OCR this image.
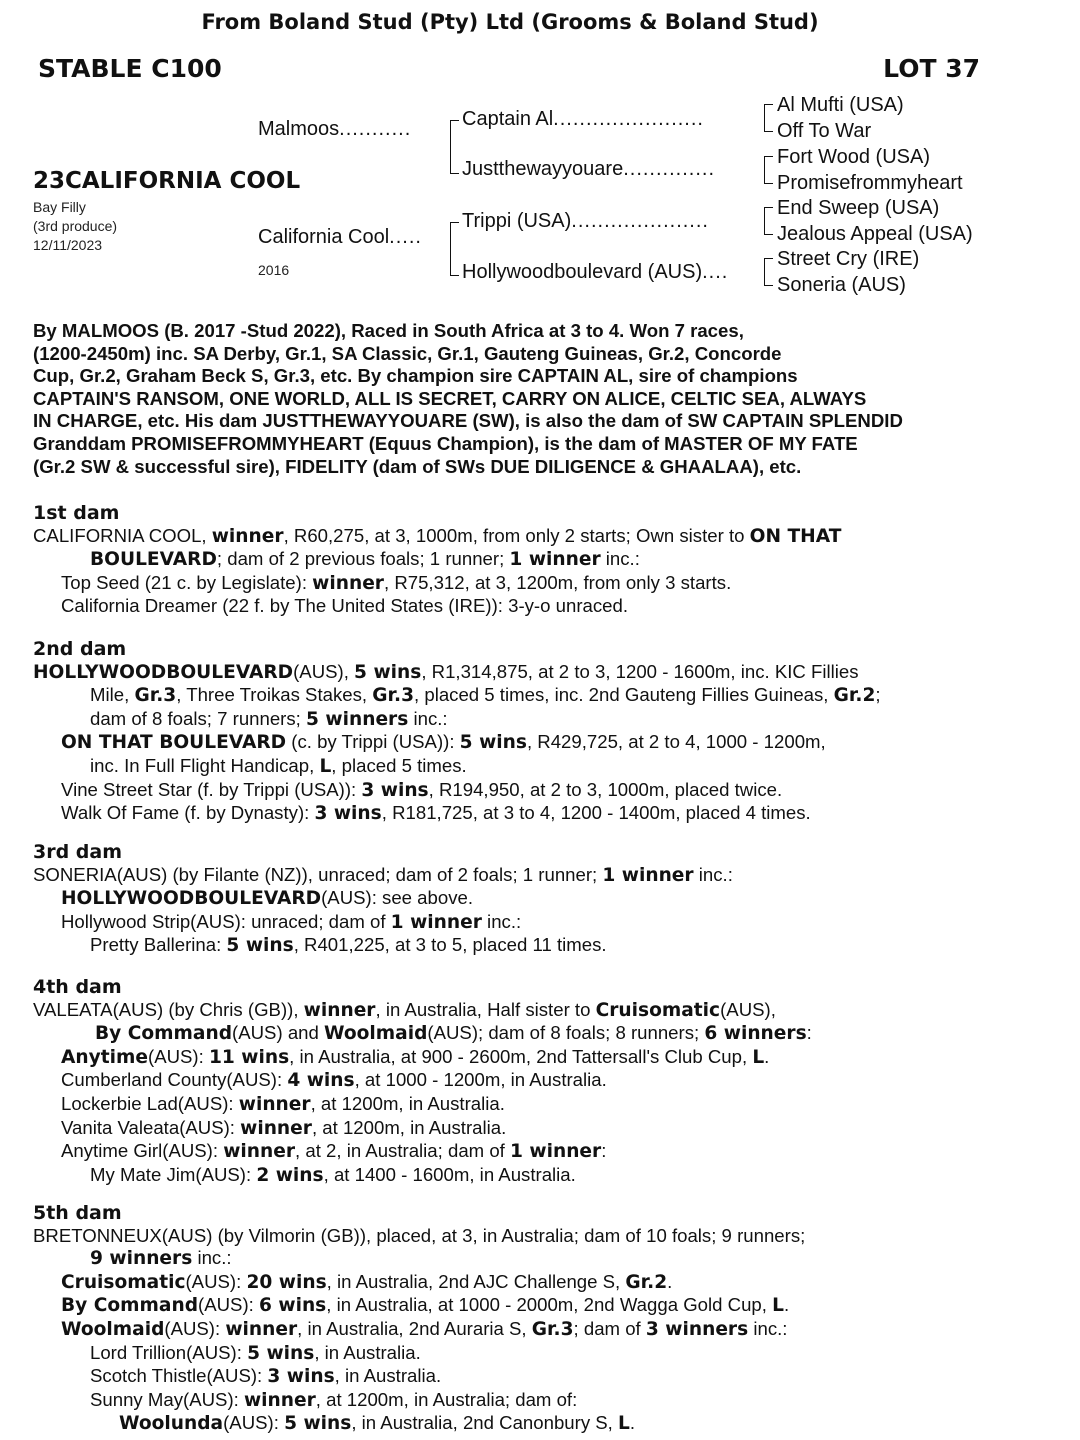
From Boland Stud (Pty) Ltd (Grooms & Boland Stud)
STABLE C100	LOT 37
23CALIFORNIA COOL
Bay Filly
(3rd produce)
12/11/2023
Malmoos...........
California Cool.....
2016
Captain Al.......................
Justthewayyouare..............
Trippi (USA).....................
Hollywoodboulevard (AUS)....
Al Mufti (USA)
Off To War
Fort Wood (USA)
Promisefrommyheart
End Sweep (USA)
Jealous Appeal (USA)
Street Cry (IRE)
Soneria (AUS)
By MALMOOS (B. 2017 -Stud 2022), Raced in South Africa at 3 to 4. Won 7 races,
(1200-2450m) inc. SA Derby, Gr.1, SA Classic, Gr.1, Gauteng Guineas, Gr.2, Concorde
Cup, Gr.2, Graham Beck S, Gr.3, etc. By champion sire CAPTAIN AL, sire of champions
CAPTAIN'S RANSOM, ONE WORLD, ALL IS SECRET, CARRY ON ALICE, CELTIC SEA, ALWAYS
IN CHARGE, etc. His dam JUSTTHEWAYYOUARE (SW), is also the dam of SW CAPTAIN SPLENDID
Granddam PROMISEFROMMYHEART (Equus Champion), is the dam of MASTER OF MY FATE
(Gr.2 SW & successful sire), FIDELITY (dam of SWs DUE DILIGENCE & GHAALAA), etc.
1st dam
CALIFORNIA COOL, winner, R60,275, at 3, 1000m, from only 2 starts; Own sister to ON THAT
BOULEVARD; dam of 2 previous foals; 1 runner; 1 winner inc.:
Top Seed (21 c. by Legislate): winner, R75,312, at 3, 1200m, from only 3 starts.
California Dreamer (22 f. by The United States (IRE)): 3-y-o unraced.
2nd dam
HOLLYWOODBOULEVARD(AUS), 5 wins, R1,314,875, at 2 to 3, 1200 - 1600m, inc. KIC Fillies
Mile, Gr.3, Three Troikas Stakes, Gr.3, placed 5 times, inc. 2nd Gauteng Fillies Guineas, Gr.2;
dam of 8 foals; 7 runners; 5 winners inc.:
ON THAT BOULEVARD (c. by Trippi (USA)): 5 wins, R429,725, at 2 to 4, 1000 - 1200m,
inc. In Full Flight Handicap, L, placed 5 times.
Vine Street Star (f. by Trippi (USA)): 3 wins, R194,950, at 2 to 3, 1000m, placed twice.
Walk Of Fame (f. by Dynasty): 3 wins, R181,725, at 3 to 4, 1200 - 1400m, placed 4 times.
3rd dam
SONERIA(AUS) (by Filante (NZ)), unraced; dam of 2 foals; 1 runner; 1 winner inc.:
HOLLYWOODBOULEVARD(AUS): see above.
Hollywood Strip(AUS): unraced; dam of 1 winner inc.:
Pretty Ballerina: 5 wins, R401,225, at 3 to 5, placed 11 times.
4th dam
VALEATA(AUS) (by Chris (GB)), winner, in Australia, Half sister to Cruisomatic(AUS),
By Command(AUS) and Woolmaid(AUS); dam of 8 foals; 8 runners; 6 winners:
Anytime(AUS): 11 wins, in Australia, at 900 - 2600m, 2nd Tattersall's Club Cup, L.
Cumberland County(AUS): 4 wins, at 1000 - 1200m, in Australia.
Lockerbie Lad(AUS): winner, at 1200m, in Australia.
Vanita Valeata(AUS): winner, at 1200m, in Australia.
Anytime Girl(AUS): winner, at 2, in Australia; dam of 1 winner:
My Mate Jim(AUS): 2 wins, at 1400 - 1600m, in Australia.
5th dam
BRETONNEUX(AUS) (by Vilmorin (GB)), placed, at 3, in Australia; dam of 10 foals; 9 runners;
9 winners inc.:
Cruisomatic(AUS): 20 wins, in Australia, 2nd AJC Challenge S, Gr.2.
By Command(AUS): 6 wins, in Australia, at 1000 - 2000m, 2nd Wagga Gold Cup, L.
Woolmaid(AUS): winner, in Australia, 2nd Auraria S, Gr.3; dam of 3 winners inc.:
Lord Trillion(AUS): 5 wins, in Australia.
Scotch Thistle(AUS): 3 wins, in Australia.
Sunny May(AUS): winner, at 1200m, in Australia; dam of:
Woolunda(AUS): 5 wins, in Australia, 2nd Canonbury S, L.
